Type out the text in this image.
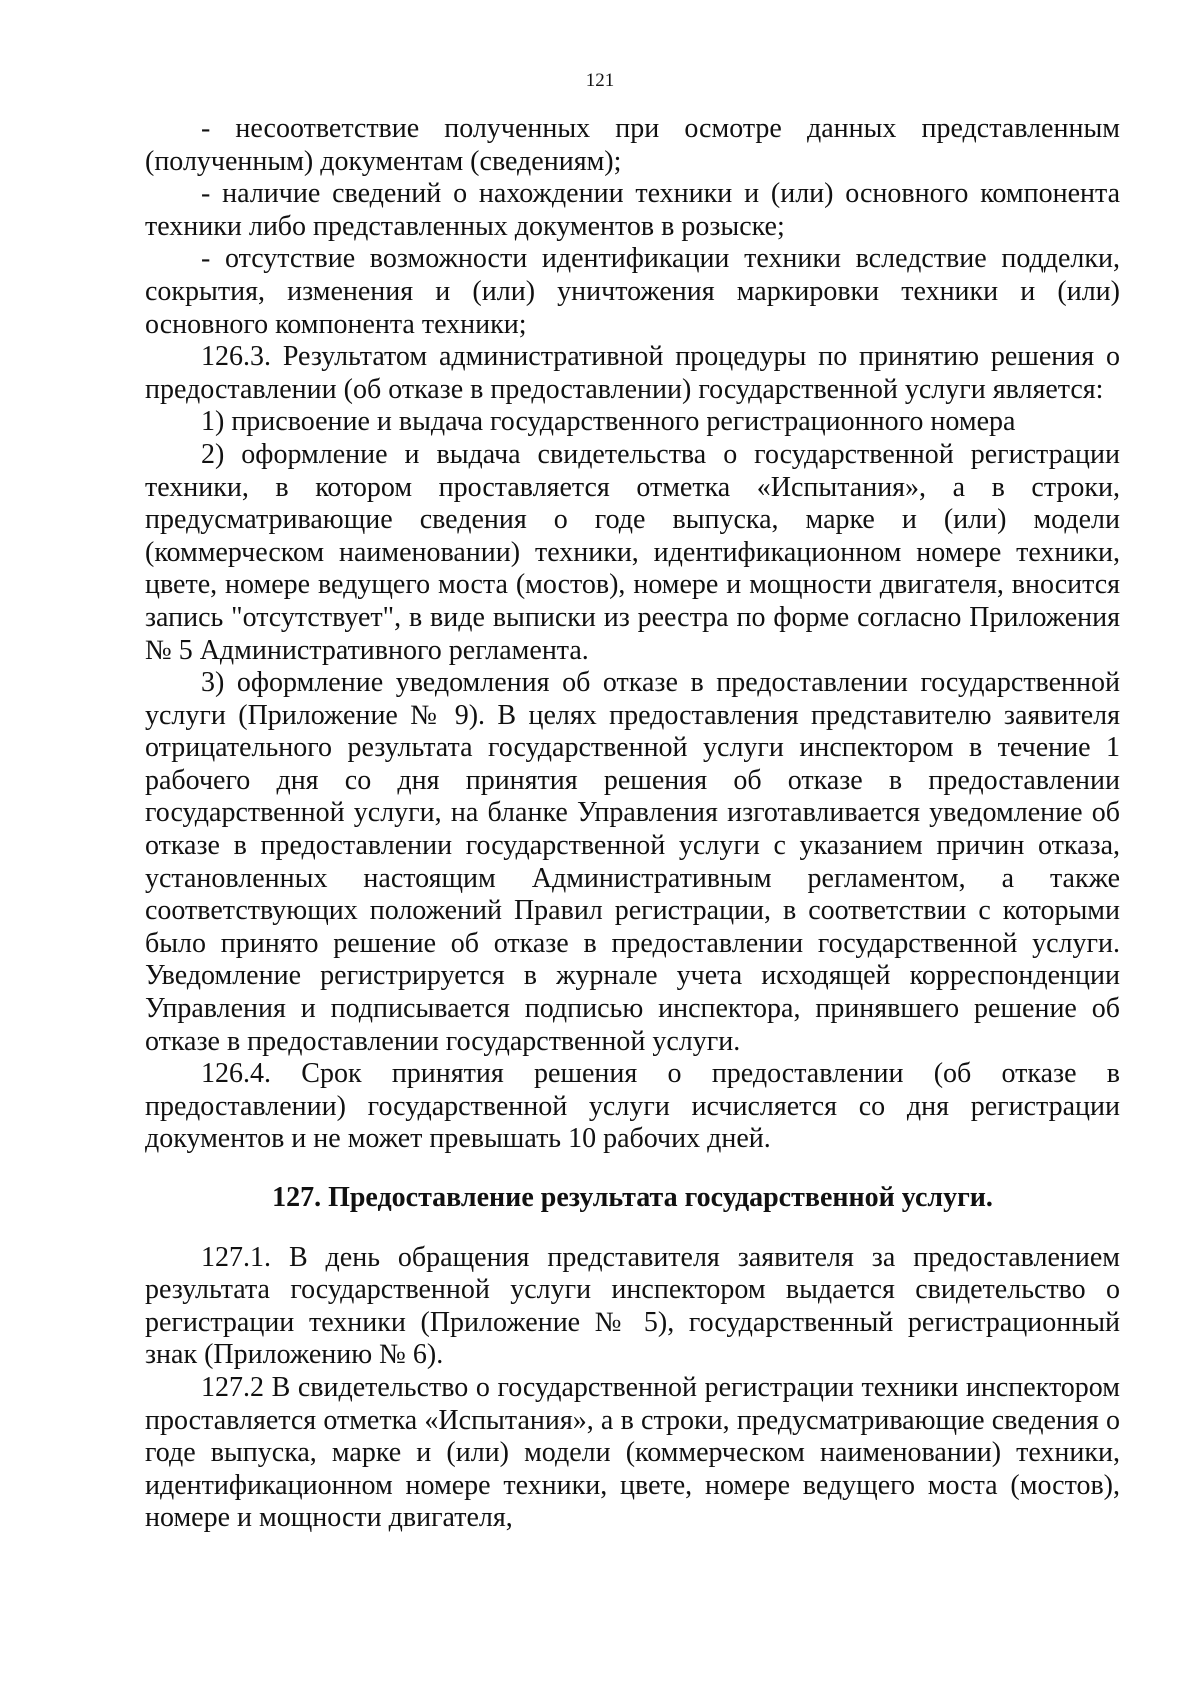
121

- несоответствие полученных при осмотре данных представленным (полученным) документам (сведениям);

- наличие сведений о нахождении техники и (или) основного компонента техники либо представленных документов в розыске;

- отсутствие возможности идентификации техники вследствие подделки, сокрытия, изменения и (или) уничтожения маркировки техники и (или) основного компонента техники;

126.3. Результатом административной процедуры по принятию решения о предоставлении (об отказе в предоставлении) государственной услуги является:

1) присвоение и выдача государственного регистрационного номера

2) оформление и выдача свидетельства о государственной регистрации техники, в котором проставляется отметка «Испытания», а в строки, предусматривающие сведения о годе выпуска, марке и (или) модели (коммерческом наименовании) техники, идентификационном номере техники, цвете, номере ведущего моста (мостов), номере и мощности двигателя, вносится запись "отсутствует", в виде выписки из реестра по форме согласно Приложения № 5 Административного регламента.

3) оформление уведомления об отказе в предоставлении государственной услуги (Приложение № 9). В целях предоставления представителю заявителя отрицательного результата государственной услуги инспектором в течение 1 рабочего дня со дня принятия решения об отказе в предоставлении государственной услуги, на бланке Управления изготавливается уведомление об отказе в предоставлении государственной услуги с указанием причин отказа, установленных настоящим Административным регламентом, а также соответствующих положений Правил регистрации, в соответствии с которыми было принято решение об отказе в предоставлении государственной услуги. Уведомление регистрируется в журнале учета исходящей корреспонденции Управления и подписывается подписью инспектора, принявшего решение об отказе в предоставлении государственной услуги.

126.4. Срок принятия решения о предоставлении (об отказе в предоставлении) государственной услуги исчисляется со дня регистрации документов и не может превышать 10 рабочих дней.

127. Предоставление результата государственной услуги.

127.1. В день обращения представителя заявителя за предоставлением результата государственной услуги инспектором выдается свидетельство о регистрации техники (Приложение № 5), государственный регистрационный знак (Приложению № 6).

127.2 В свидетельство о государственной регистрации техники инспектором проставляется отметка «Испытания», а в строки, предусматривающие сведения о годе выпуска, марке и (или) модели (коммерческом наименовании) техники, идентификационном номере техники, цвете, номере ведущего моста (мостов), номере и мощности двигателя,
